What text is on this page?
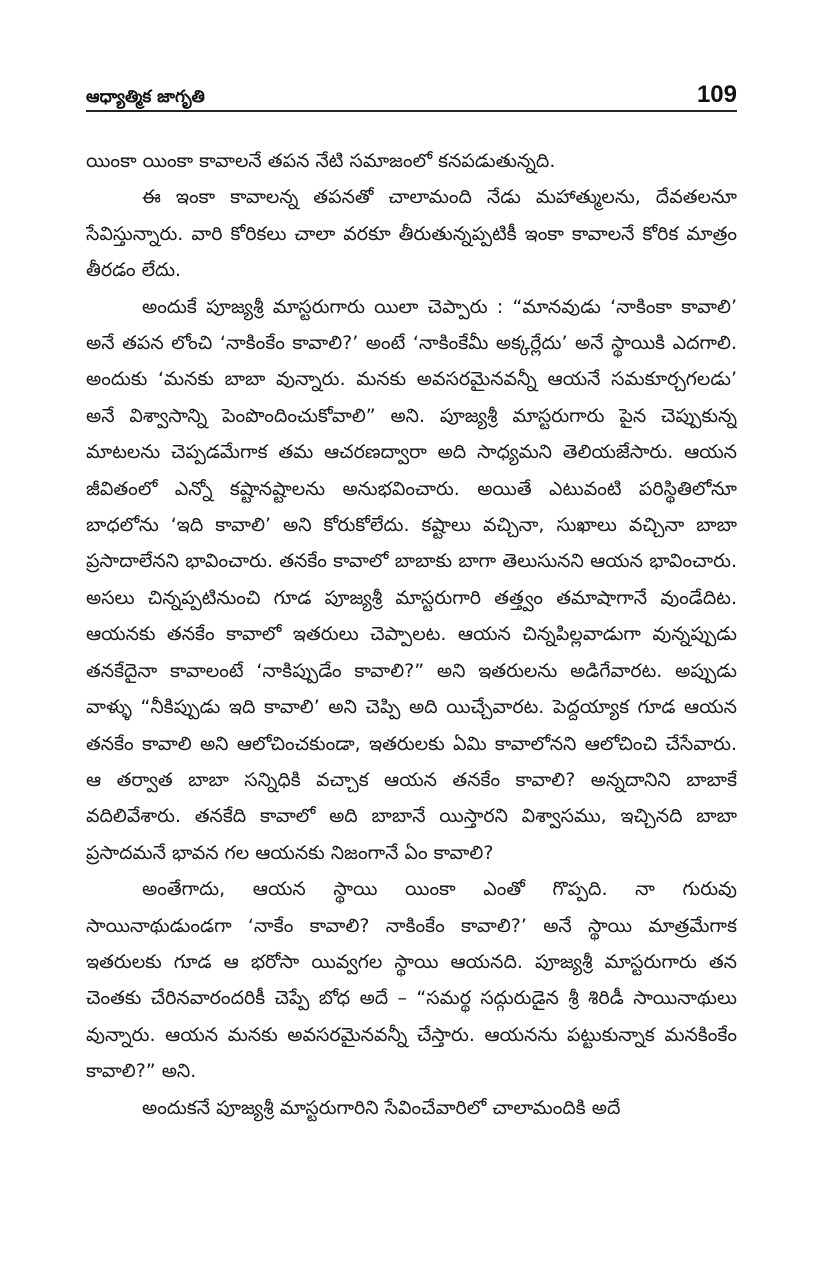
ఆధ్యాత్మిక జాగృతి	109

యింకా యింకా కావాలనే తపన నేటి సమాజంలో కనపడుతున్నది.

ఈ ఇంకా కావాలన్న తపనతో చాలామంది నేడు మహాత్ములను, దేవతలనూ సేవిస్తున్నారు. వారి కోరికలు చాలా వరకూ తీరుతున్నప్పటికీ ఇంకా కావాలనే కోరిక మాత్రం తీరడం లేదు.

అందుకే పూజ్యశ్రీ మాస్టరుగారు యిలా చెప్పారు : “మానవుడు ‘నాకింకా కావాలి’ అనే తపన లోంచి ‘నాకింకేం కావాలి?’ అంటే ‘నాకింకేమీ అక్కర్లేదు’ అనే స్థాయికి ఎదగాలి. అందుకు ‘మనకు బాబా వున్నారు. మనకు అవసరమైనవన్నీ ఆయనే సమకూర్చగలడు’ అనే విశ్వాసాన్ని పెంపొందించుకోవాలి” అని. పూజ్యశ్రీ మాస్టరుగారు పైన చెప్పుకున్న మాటలను చెప్పడమేగాక తమ ఆచరణద్వారా అది సాధ్యమని తెలియజేసారు. ఆయన జీవితంలో ఎన్నో కష్టానష్టాలను అనుభవించారు. అయితే ఎటువంటి పరిస్థితిలోనూ బాధలోను ‘ఇది కావాలి’ అని కోరుకోలేదు. కష్టాలు వచ్చినా, సుఖాలు వచ్చినా బాబా ప్రసాదాలేనని భావించారు. తనకేం కావాలో బాబాకు బాగా తెలుసునని ఆయన భావించారు. అసలు చిన్నప్పటినుంచి గూడ పూజ్యశ్రీ మాస్టరుగారి తత్త్వం తమాషాగానే వుండేదిట. ఆయనకు తనకేం కావాలో ఇతరులు చెప్పాలట. ఆయన చిన్నపిల్లవాడుగా వున్నప్పుడు తనకేదైనా కావాలంటే ‘నాకిప్పుడేం కావాలి?” అని ఇతరులను అడిగేవారట. అప్పుడు వాళ్ళు “నీకిప్పుడు ఇది కావాలి’ అని చెప్పి అది యిచ్చేవారట. పెద్దయ్యాక గూడ ఆయన తనకేం కావాలి అని ఆలోచించకుండా, ఇతరులకు ఏమి కావాలోనని ఆలోచించి చేసేవారు. ఆ తర్వాత బాబా సన్నిధికి వచ్చాక ఆయన తనకేం కావాలి? అన్నదానిని బాబాకే వదిలివేశారు. తనకేది కావాలో అది బాబానే యిస్తారని విశ్వాసము, ఇచ్చినది బాబా ప్రసాదమనే భావన గల ఆయనకు నిజంగానే ఏం కావాలి?

అంతేగాదు, ఆయన స్థాయి యింకా ఎంతో గొప్పది. నా గురువు సాయినాథుడుండగా ‘నాకేం కావాలి? నాకింకేం కావాలి?’ అనే స్థాయి మాత్రమేగాక ఇతరులకు గూడ ఆ భరోసా యివ్వగల స్థాయి ఆయనది. పూజ్యశ్రీ మాస్టరుగారు తన చెంతకు చేరినవారందరికీ చెప్పే బోధ అదే – “సమర్థ సద్గురుడైన శ్రీ శిరిడీ సాయినాథులు వున్నారు. ఆయన మనకు అవసరమైనవన్నీ చేస్తారు. ఆయనను పట్టుకున్నాక మనకింకేం కావాలి?” అని.

అందుకనే పూజ్యశ్రీ మాస్టరుగారిని సేవించేవారిలో చాలామందికి అదే
